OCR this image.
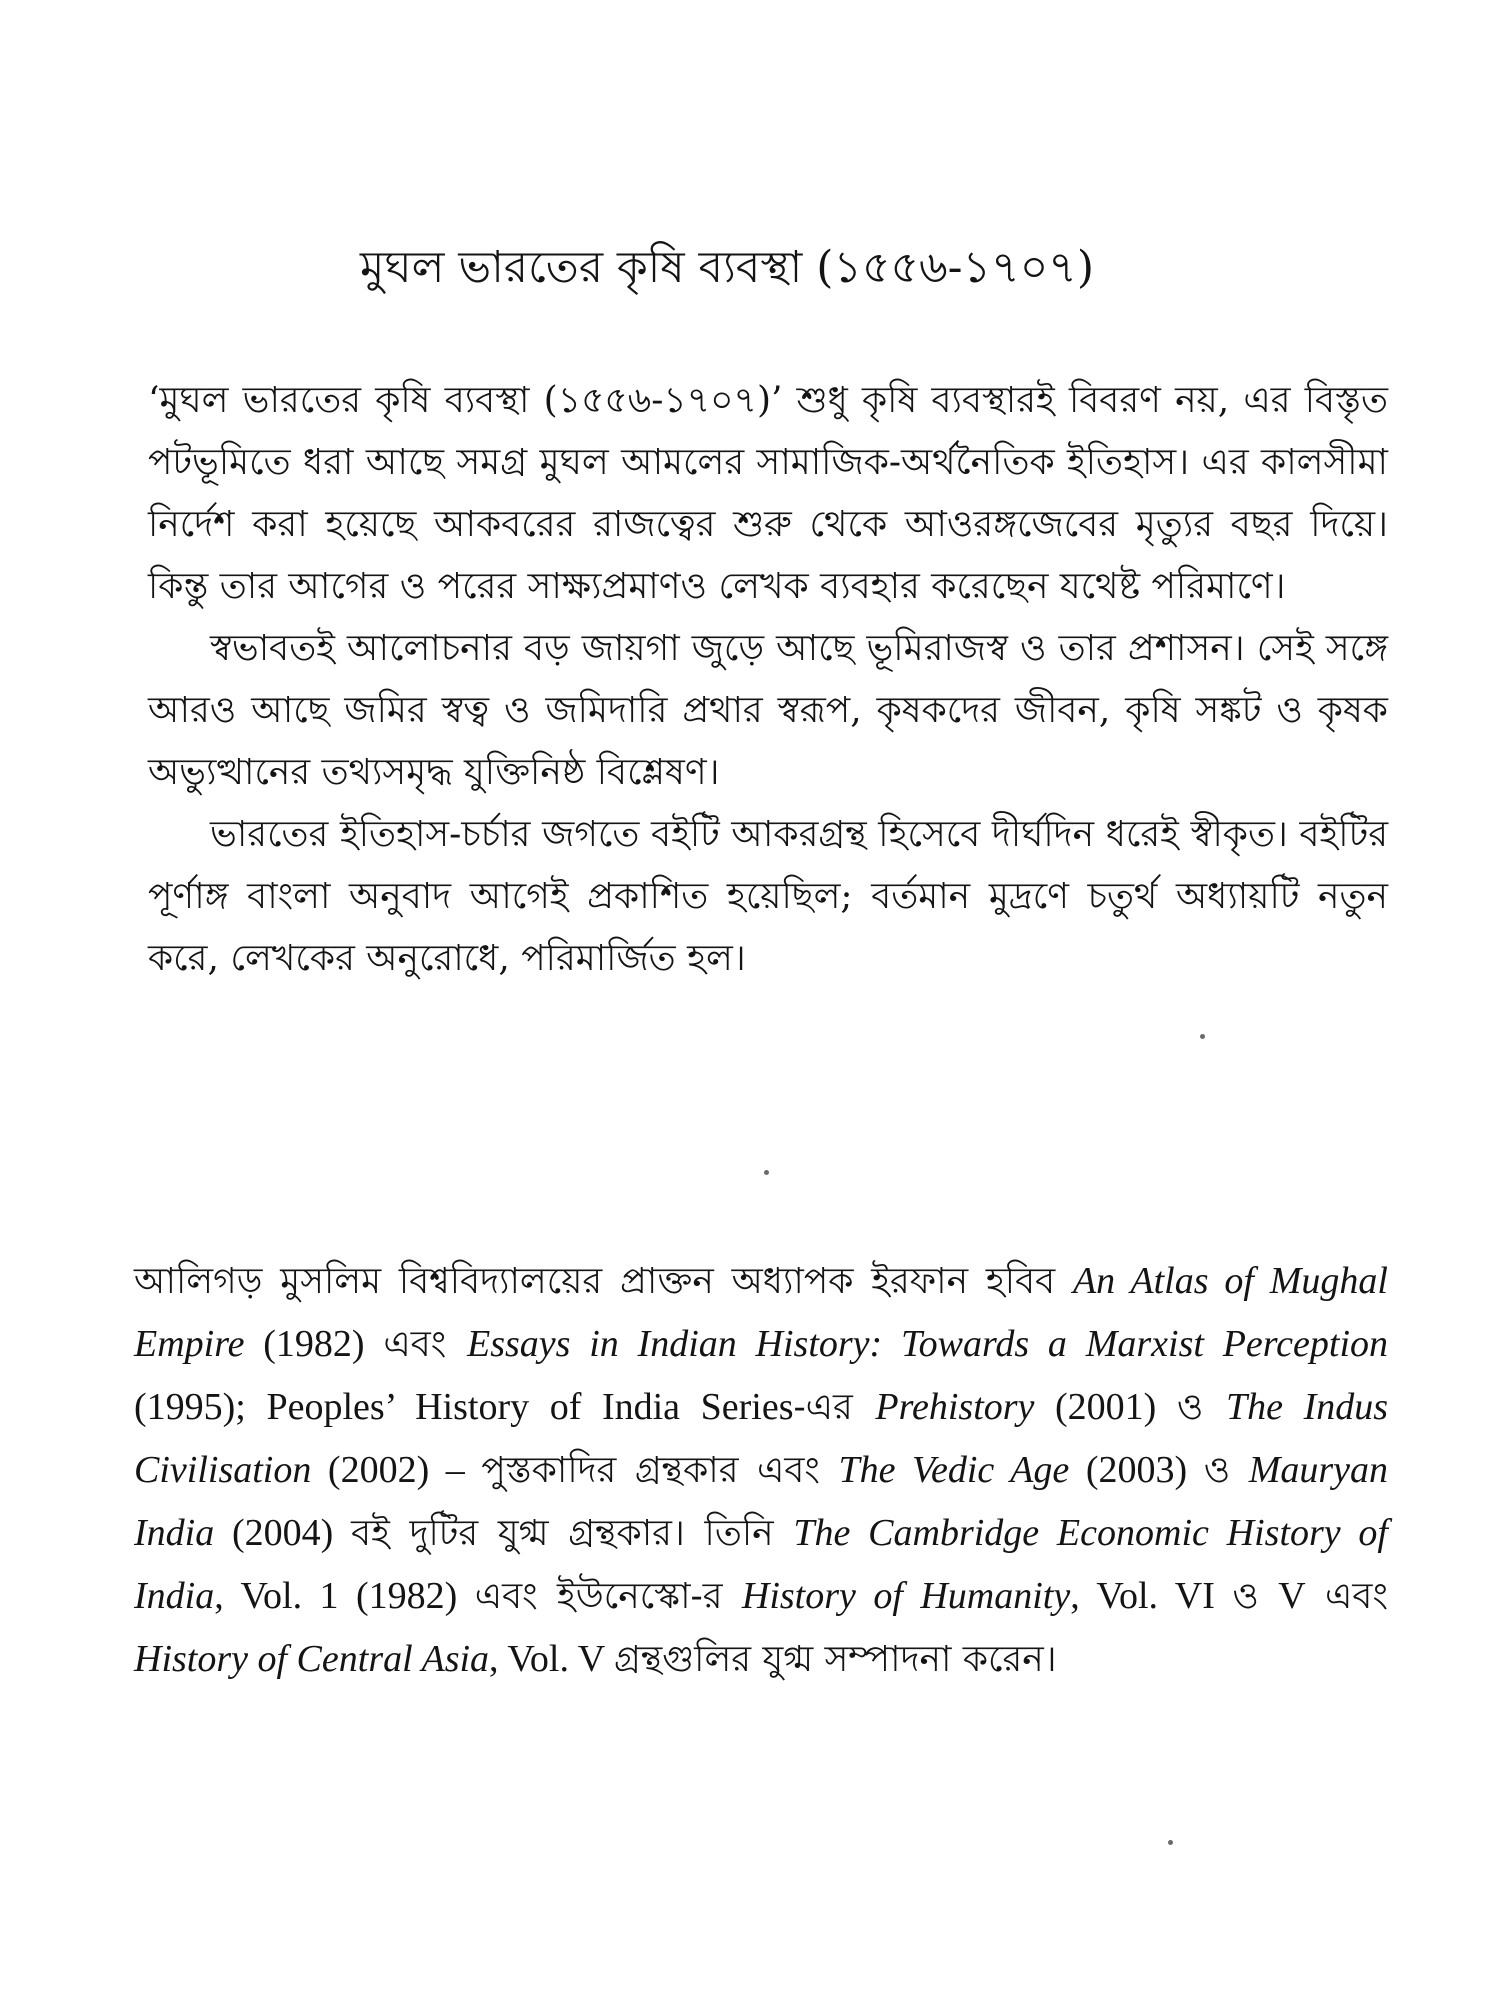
মুঘল ভারতের কৃষি ব্যবস্থা (১৫৫৬-১৭০৭)

‘মুঘল ভারতের কৃষি ব্যবস্থা (১৫৫৬-১৭০৭)’ শুধু কৃষি ব্যবস্থারই বিবরণ নয়, এর বিস্তৃত পটভূমিতে ধরা আছে সমগ্র মুঘল আমলের সামাজিক-অর্থনৈতিক ইতিহাস। এর কালসীমা নির্দেশ করা হয়েছে আকবরের রাজত্বের শুরু থেকে আওরঙ্গজেবের মৃত্যুর বছর দিয়ে। কিন্তু তার আগের ও পরের সাক্ষ্যপ্রমাণও লেখক ব্যবহার করেছেন যথেষ্ট পরিমাণে।

স্বভাবতই আলোচনার বড় জায়গা জুড়ে আছে ভূমিরাজস্ব ও তার প্রশাসন। সেই সঙ্গে আরও আছে জমির স্বত্ব ও জমিদারি প্রথার স্বরূপ, কৃষকদের জীবন, কৃষি সঙ্কট ও কৃষক অভ্যুত্থানের তথ্যসমৃদ্ধ যুক্তিনিষ্ঠ বিশ্লেষণ।

ভারতের ইতিহাস-চর্চার জগতে বইটি আকরগ্রন্থ হিসেবে দীর্ঘদিন ধরেই স্বীকৃত। বইটির পূর্ণাঙ্গ বাংলা অনুবাদ আগেই প্রকাশিত হয়েছিল; বর্তমান মুদ্রণে চতুর্থ অধ্যায়টি নতুন করে, লেখকের অনুরোধে, পরিমার্জিত হল।

আলিগড় মুসলিম বিশ্ববিদ্যালয়ের প্রাক্তন অধ্যাপক ইরফান হবিব An Atlas of Mughal Empire (1982) এবং Essays in Indian History: Towards a Marxist Perception (1995); Peoples’ History of India Series-এর Prehistory (2001) ও The Indus Civilisation (2002) – পুস্তকাদির গ্রন্থকার এবং The Vedic Age (2003) ও Mauryan India (2004) বই দুটির যুগ্ম গ্রন্থকার। তিনি The Cambridge Economic History of India, Vol. 1 (1982) এবং ইউনেস্কো-র History of Humanity, Vol. VI ও V এবং History of Central Asia, Vol. V গ্রন্থগুলির যুগ্ম সম্পাদনা করেন।
